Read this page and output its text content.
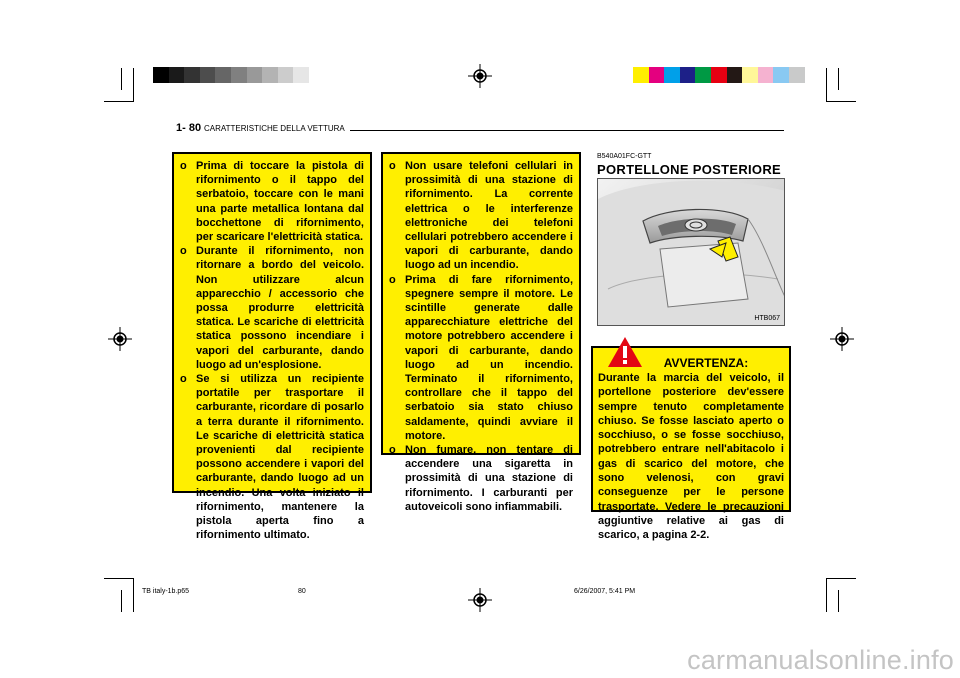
1- 80 CARATTERISTICHE DELLA VETTURA
o Prima di toccare la pistola di rifornimento o il tappo del serbatoio, toccare con le mani una parte metallica lontana dal bocchettone di rifornimento, per scaricare l'elettricità statica.
o Durante il rifornimento, non ritornare a bordo del veicolo. Non utilizzare alcun apparecchio / accessorio che possa produrre elettricità statica. Le scariche di elettricità statica possono incendiare i vapori del carburante, dando luogo ad un'esplosione.
o Se si utilizza un recipiente portatile per trasportare il carburante, ricordare di posarlo a terra durante il rifornimento. Le scariche di elettricità statica provenienti dal recipiente possono accendere i vapori del carburante, dando luogo ad un incendio. Una volta iniziato il rifornimento, mantenere la pistola aperta fino a rifornimento ultimato.
o Non usare telefoni cellulari in prossimità di una stazione di rifornimento. La corrente elettrica o le interferenze elettroniche dei telefoni cellulari potrebbero accendere i vapori di carburante, dando luogo ad un incendio.
o Prima di fare rifornimento, spegnere sempre il motore. Le scintille generate dalle apparecchiature elettriche del motore potrebbero accendere i vapori di carburante, dando luogo ad un incendio. Terminato il rifornimento, controllare che il tappo del serbatoio sia stato chiuso saldamente, quindi avviare il motore.
o Non fumare, non tentare di accendere una sigaretta in prossimità di una stazione di rifornimento. I carburanti per autoveicoli sono infiammabili.
B540A01FC-GTT
PORTELLONE POSTERIORE
HTB067
AVVERTENZA:
Durante la marcia del veicolo, il portellone posteriore dev'essere sempre tenuto completamente chiuso. Se fosse lasciato aperto o socchiuso, o se fosse socchiuso, potrebbero entrare nell'abitacolo i gas di scarico del motore, che sono velenosi, con gravi conseguenze per le persone trasportate. Vedere le precauzioni aggiuntive relative ai gas di scarico, a pagina 2-2.
TB italy-1b.p65	80	6/26/2007, 5:41 PM
carmanualsonline.info
